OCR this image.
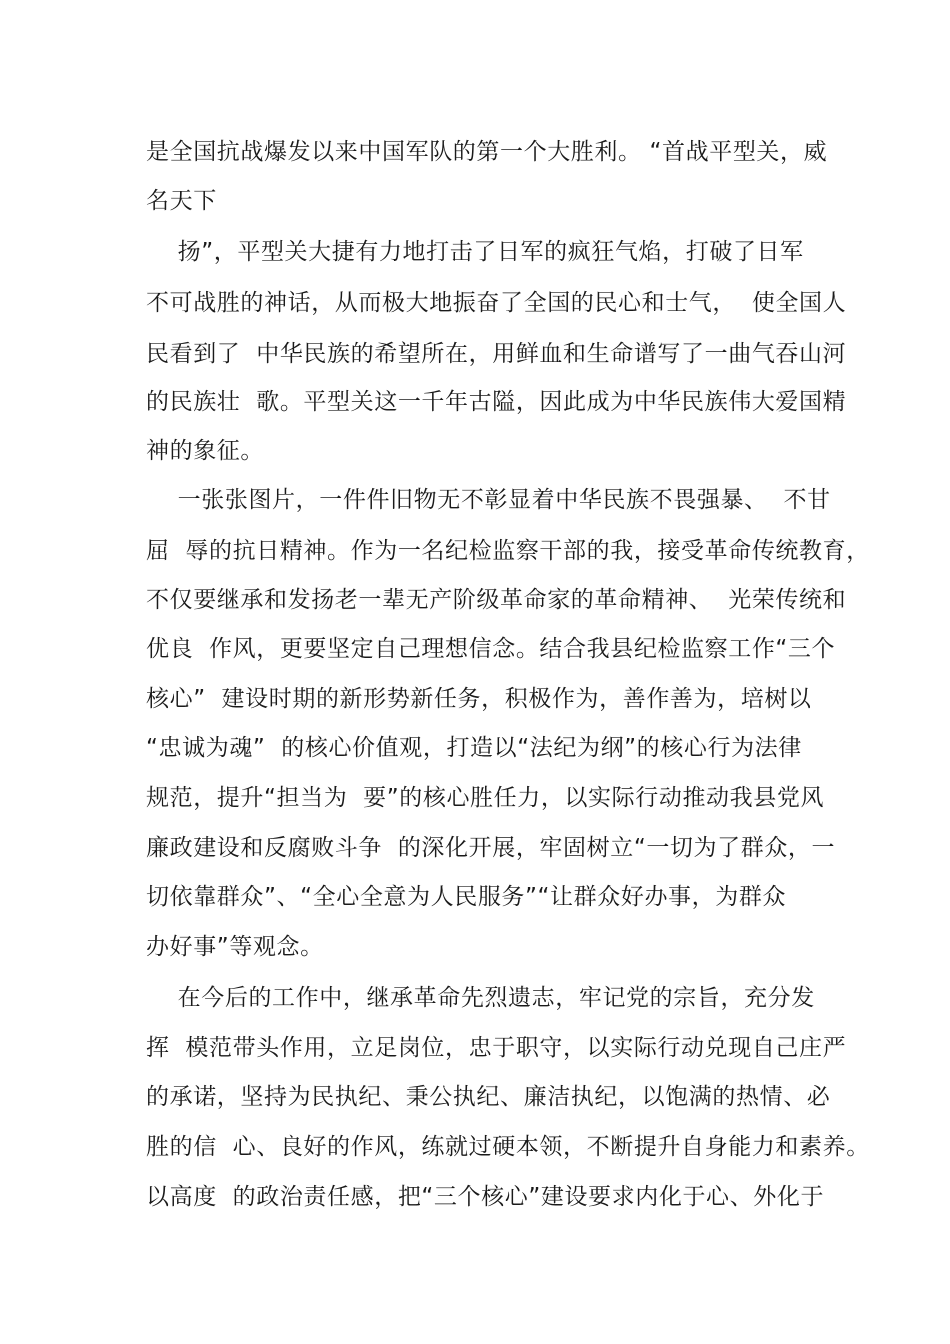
是全国抗战爆发以来中国军队的第一个大胜利。 “首战平型关，威
名天下
扬”，平型关大捷有力地打击了日军的疯狂气焰，打破了日军
不可战胜的神话，从而极大地振奋了全国的民心和士气，  使全国人
民看到了  中华民族的希望所在，用鲜血和生命谱写了一曲气吞山河
的民族壮  歌。平型关这一千年古隘，因此成为中华民族伟大爱国精
神的象征。
一张张图片，一件件旧物无不彰显着中华民族不畏强暴、  不甘
屈  辱的抗日精神。作为一名纪检监察干部的我，接受革命传统教育，
不仅要继承和发扬老一辈无产阶级革命家的革命精神、  光荣传统和
优良  作风，更要坚定自己理想信念。结合我县纪检监察工作“三个
核心”  建设时期的新形势新任务，积极作为，善作善为，培树以
“忠诚为魂”  的核心价值观，打造以“法纪为纲”的核心行为法律
规范，提升“担当为  要”的核心胜任力，以实际行动推动我县党风
廉政建设和反腐败斗争  的深化开展，牢固树立“一切为了群众，一
切依靠群众”、“全心全意为人民服务”“让群众好办事，为群众
办好事”等观念。
在今后的工作中，继承革命先烈遗志，牢记党的宗旨，充分发
挥  模范带头作用，立足岗位，忠于职守，以实际行动兑现自己庄严
的承诺，坚持为民执纪、秉公执纪、廉洁执纪，以饱满的热情、必
胜的信  心、良好的作风，练就过硬本领，不断提升自身能力和素养。
以高度  的政治责任感，把“三个核心”建设要求内化于心、外化于
